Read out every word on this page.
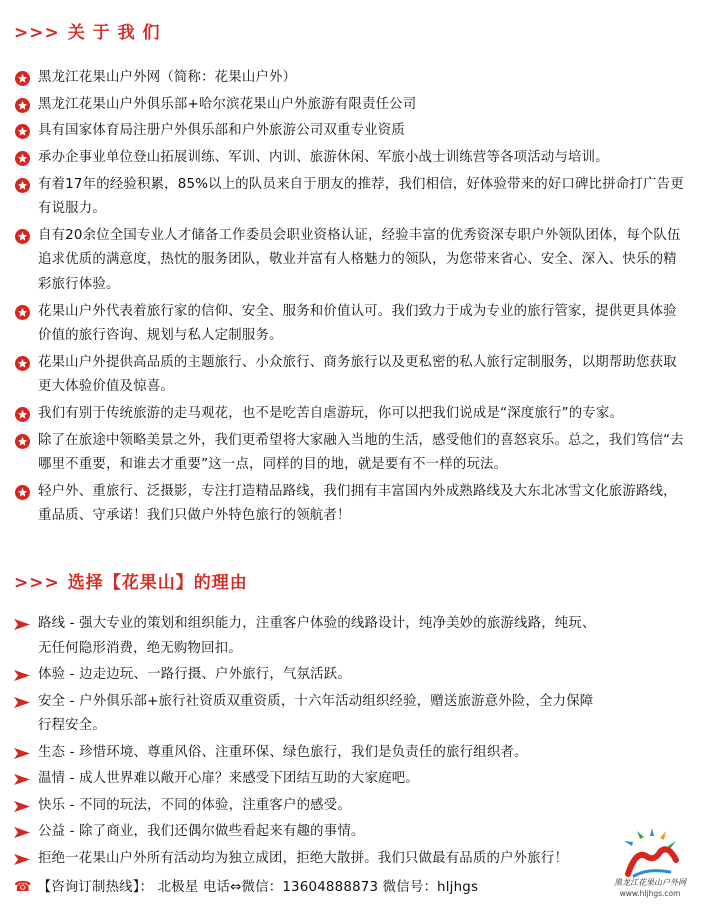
>>> 关 于 我 们
黑龙江花果山户外网（简称：花果山户外）
黑龙江花果山户外俱乐部+哈尔滨花果山户外旅游有限责任公司
具有国家体育局注册户外俱乐部和户外旅游公司双重专业资质
承办企事业单位登山拓展训练、军训、内训、旅游休闲、军旅小战士训练营等各项活动与培训。
有着17年的经验积累，85%以上的队员来自于朋友的推荐，我们相信，好体验带来的好口碑比拼命打广告更有说服力。
自有20余位全国专业人才储备工作委员会职业资格认证，经验丰富的优秀资深专职户外领队团体，每个队伍追求优质的满意度，热忱的服务团队，敬业并富有人格魅力的领队，为您带来省心、安全、深入、快乐的精彩旅行体验。
花果山户外代表着旅行家的信仰、安全、服务和价值认可。我们致力于成为专业的旅行管家，提供更具体验价值的旅行咨询、规划与私人定制服务。
花果山户外提供高品质的主题旅行、小众旅行、商务旅行以及更私密的私人旅行定制服务，以期帮助您获取更大体验价值及惊喜。
我们有别于传统旅游的走马观花，也不是吃苦自虐游玩，你可以把我们说成是“深度旅行”的专家。
除了在旅途中领略美景之外，我们更希望将大家融入当地的生活，感受他们的喜怒哀乐。总之，我们笃信“去哪里不重要，和谁去才重要”这一点，同样的目的地，就是要有不一样的玩法。
轻户外、重旅行、泛摄影，专注打造精品路线，我们拥有丰富国内外成熟路线及大东北冰雪文化旅游路线，重品质、守承诺！我们只做户外特色旅行的领航者！
>>> 选择【花果山】的理由
路线 - 强大专业的策划和组织能力，注重客户体验的线路设计，纯净美妙的旅游线路，纯玩、无任何隐形消费，绝无购物回扣。
体验 - 边走边玩、一路行摄、户外旅行，气氛活跃。
安全 - 户外俱乐部+旅行社资质双重资质，十六年活动组织经验，赠送旅游意外险，全力保障行程安全。
生态 - 珍惜环境、尊重风俗、注重环保、绿色旅行，我们是负责任的旅行组织者。
温情 - 成人世界难以敞开心扉？来感受下团结互助的大家庭吧。
快乐 - 不同的玩法，不同的体验，注重客户的感受。
公益 - 除了商业，我们还偶尔做些看起来有趣的事情。
拒绝一花果山户外所有活动均为独立成团，拒绝大散拼。我们只做最有品质的户外旅行！
☎ 【咨询订制热线】： 北极星 电话⇔微信：13604888873 微信号：hljhgs	黑龙江花果山户外网
www.hljhgs.com
